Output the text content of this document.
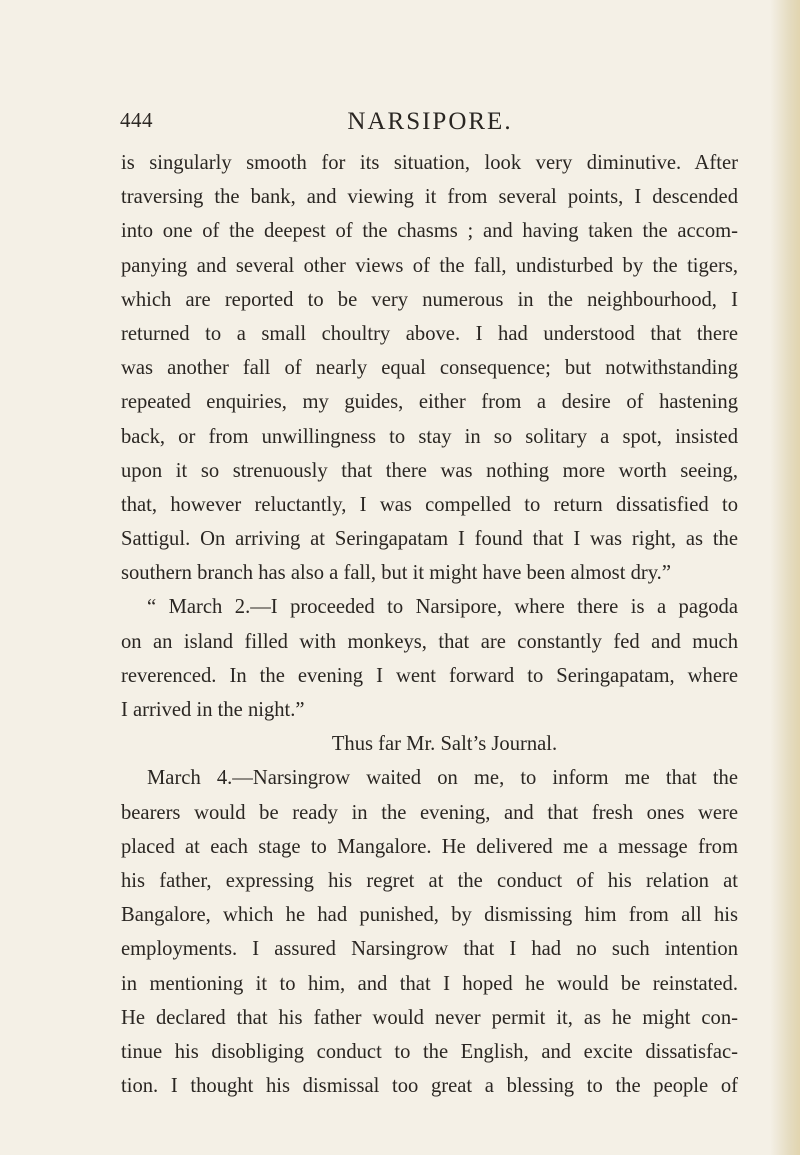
444	NARSIPORE.
is singularly smooth for its situation, look very diminutive. After
traversing the bank, and viewing it from several points, I descended
into one of the deepest of the chasms ; and having taken the accom-
panying and several other views of the fall, undisturbed by the tigers,
which are reported to be very numerous in the neighbourhood, I
returned to a small choultry above. I had understood that there
was another fall of nearly equal consequence; but notwithstanding
repeated enquiries, my guides, either from a desire of hastening
back, or from unwillingness to stay in so solitary a spot, insisted
upon it so strenuously that there was nothing more worth seeing,
that, however reluctantly, I was compelled to return dissatisfied to
Sattigul. On arriving at Seringapatam I found that I was right, as the
southern branch has also a fall, but it might have been almost dry.”
“ March 2.—I proceeded to Narsipore, where there is a pagoda
on an island filled with monkeys, that are constantly fed and much
reverenced. In the evening I went forward to Seringapatam, where
I arrived in the night.”
Thus far Mr. Salt’s Journal.
March 4.—Narsingrow waited on me, to inform me that the
bearers would be ready in the evening, and that fresh ones were
placed at each stage to Mangalore. He delivered me a message from
his father, expressing his regret at the conduct of his relation at
Bangalore, which he had punished, by dismissing him from all his
employments. I assured Narsingrow that I had no such intention
in mentioning it to him, and that I hoped he would be reinstated.
He declared that his father would never permit it, as he might con-
tinue his disobliging conduct to the English, and excite dissatisfac-
tion. I thought his dismissal too great a blessing to the people of
